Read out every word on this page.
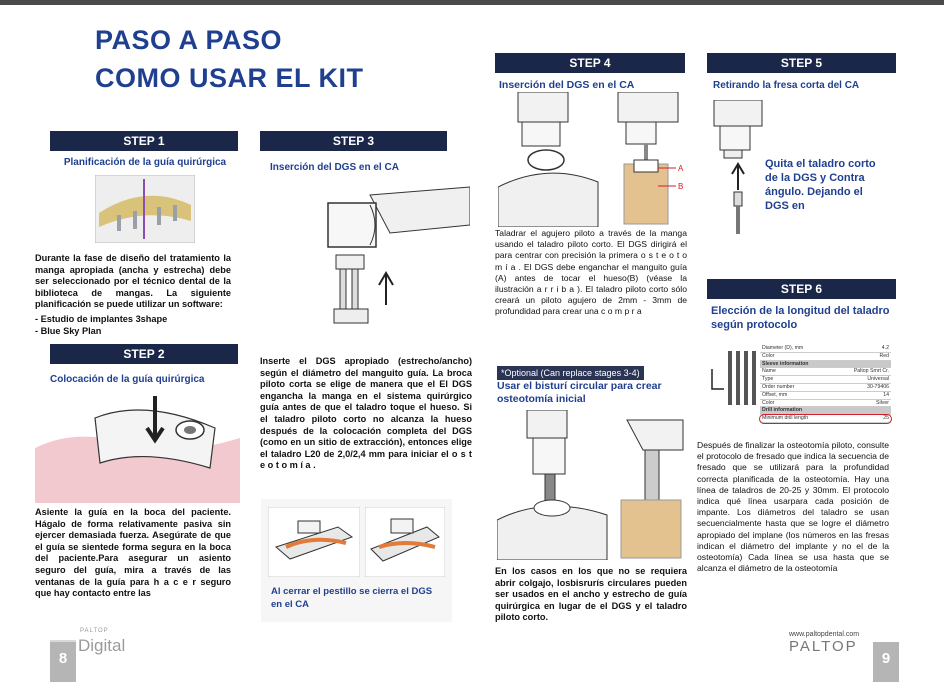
PASO A PASO
COMO USAR EL KIT
STEP 1
Planificación de la guía quirúrgica
Durante la fase de diseño del tratamiento la manga apropiada (ancha y estrecha) debe ser seleccionado por el técnico dental de la biblioteca de mangas. La siguiente planificación se puede utilizar un software:
- Estudio de implantes 3shape
- Blue Sky Plan
STEP 2
Colocación de la guía quirúrgica
Asiente la guía en la boca del paciente. Hágalo de forma relativamente pasiva sin ejercer demasiada fuerza. Asegúrate de que el guía se sientede forma segura en la boca del paciente.Para asegurar un asiento seguro del guía, mira a través de las ventanas de la guía para h a c e r seguro que hay contacto entre las
STEP 3
Inserción del DGS en el CA
Inserte el DGS apropiado (estrecho/ancho) según el diámetro del manguito guía. La broca piloto corta se elige de manera que el El DGS engancha la manga en el sistema quirúrgico guía antes de que el taladro toque el hueso. Si el taladro piloto corto no alcanza la hueso después de la colocación completa del DGS (como en un sitio de extracción), entonces elige el taladro L20 de 2,0/2,4 mm para iniciar el o s t e o t o m í a .
Al cerrar el pestillo se cierra el DGS en el CA
STEP 4
Inserción del DGS en el CA
A
B
Taladrar el agujero piloto a través de la manga usando el taladro piloto corto. El DGS dirigirá el para centrar con precisión la primera o s t e o t o m í a . El DGS debe enganchar el manguito guía (A) antes de tocar el hueso(B) (véase la ilustración a r r i b a ). El taladro piloto corto sólo creará un piloto agujero de 2mm - 3mm de profundidad para crear una c o m p r a
*Optional (Can replace stages 3-4)
Usar el bisturí circular para crear osteotomía inicial
En los casos en los que no se requiera abrir colgajo, losbisrurís circulares pueden ser usados en el ancho y estrecho de guía quirúrgica en lugar de el DGS y el taladro piloto corto.
STEP 5
Retirando la fresa corta del CA
Quita el taladro corto de la DGS y Contra ángulo. Dejando el DGS en
STEP 6
Elección de la longitud del taladro según protocolo
Diameter (D), mm	4.2
Color	Red
Sleeve information
Name	Paltop Smrt Cr.
Type	Universal
Order number	30-79406
Offset, mm	14
Color	Silver
Drill information
Minimum drill length	25
Después de finalizar la osteotomía piloto, consulte el protocolo de fresado que indica la secuencia de fresado que se utilizará para la profundidad correcta planificada de la osteotomía. Hay una línea de taladros de 20-25 y 30mm. El protocolo indica qué línea usarpara cada posición de impante. Los diámetros del taladro se usan secuencialmente hasta que se logre el diámetro apropiado del implane (los números en las fresas indican el diámetro del implante y no el de la osteotomía) Cada línea se usa hasta que se alcanza el diámetro de la osteotomía
8
PALTOP
Digital
www.paltopdental.com
PALTOP
9
